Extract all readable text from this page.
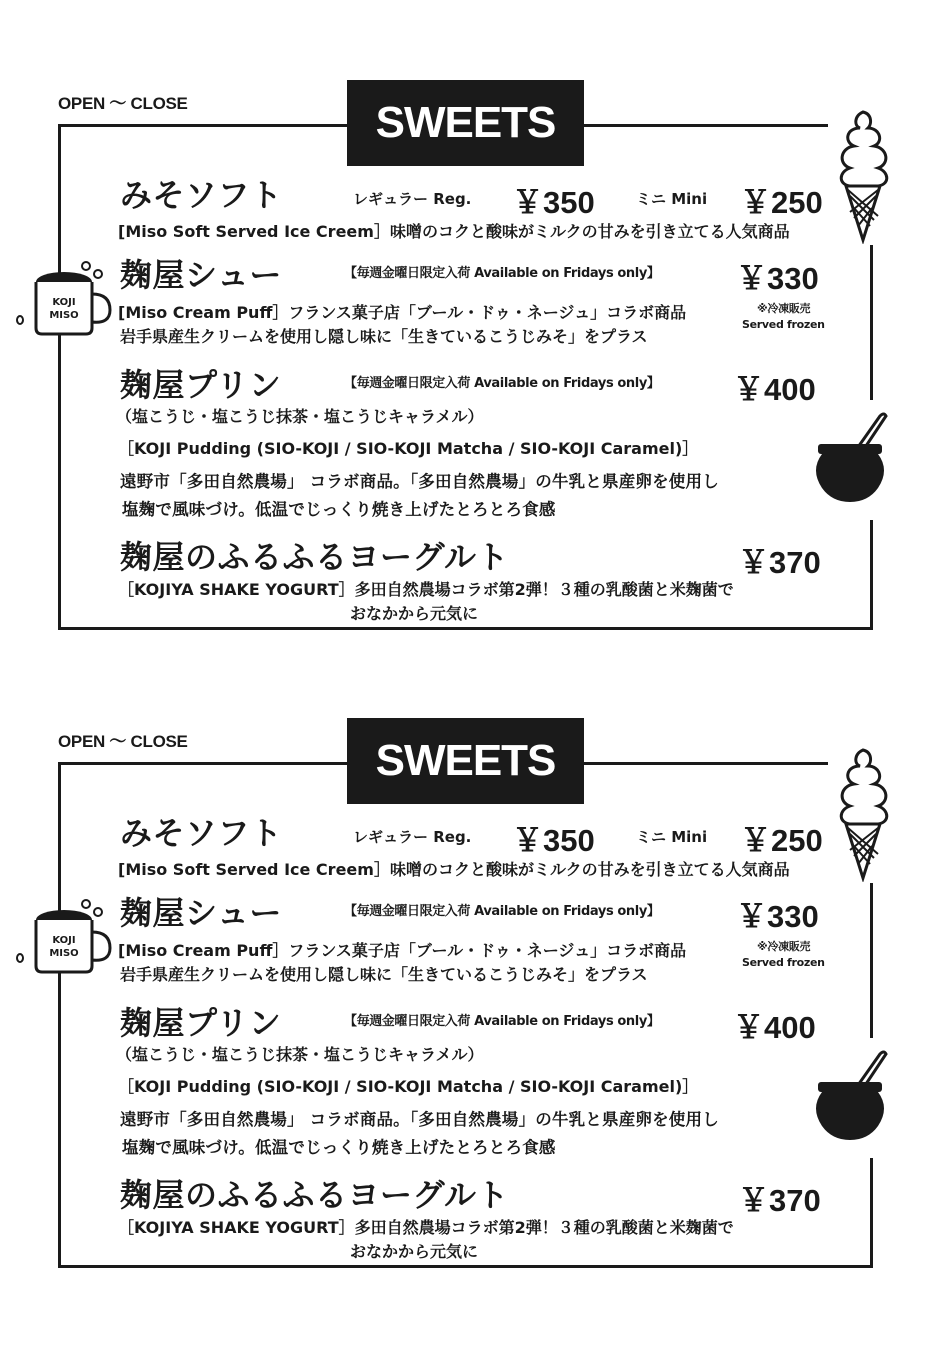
OPEN ～ CLOSE	SWEETS
KOJI
MISO
みそソフト	レギュラー Reg. ￥350	ミニ Mini ￥250
[Miso Soft Served Ice Creem］味噌のコクと酸味がミルクの甘みを引き立てる人気商品
麹屋シュー	【毎週金曜日限定入荷 Available on Fridays only】 ￥330
[Miso Cream Puff］フランス菓子店「ブール・ドゥ・ネージュ」コラボ商品
岩手県産生クリームを使用し隠し味に「生きているこうじみそ」をプラス
※冷凍販売
Served frozen
麹屋プリン	【毎週金曜日限定入荷 Available on Fridays only】 ￥400
（塩こうじ・塩こうじ抹茶・塩こうじキャラメル）
［KOJI Pudding (SIO-KOJI / SIO-KOJI Matcha / SIO-KOJI Caramel)］
遠野市「多田自然農場」 コラボ商品。「多田自然農場」の牛乳と県産卵を使用し
塩麹で風味づけ。低温でじっくり焼き上げたとろとろ食感
麹屋のふるふるヨーグルト	￥370
［KOJIYA SHAKE YOGURT］多田自然農場コラボ第2弾！３種の乳酸菌と米麹菌で
おなかから元気に
OPEN ～ CLOSE	SWEETS
KOJI
MISO
みそソフト	レギュラー Reg. ￥350	ミニ Mini ￥250
[Miso Soft Served Ice Creem］味噌のコクと酸味がミルクの甘みを引き立てる人気商品
麹屋シュー	【毎週金曜日限定入荷 Available on Fridays only】 ￥330
[Miso Cream Puff］フランス菓子店「ブール・ドゥ・ネージュ」コラボ商品
岩手県産生クリームを使用し隠し味に「生きているこうじみそ」をプラス
※冷凍販売
Served frozen
麹屋プリン	【毎週金曜日限定入荷 Available on Fridays only】 ￥400
（塩こうじ・塩こうじ抹茶・塩こうじキャラメル）
［KOJI Pudding (SIO-KOJI / SIO-KOJI Matcha / SIO-KOJI Caramel)］
遠野市「多田自然農場」 コラボ商品。「多田自然農場」の牛乳と県産卵を使用し
塩麹で風味づけ。低温でじっくり焼き上げたとろとろ食感
麹屋のふるふるヨーグルト	￥370
［KOJIYA SHAKE YOGURT］多田自然農場コラボ第2弾！３種の乳酸菌と米麹菌で
おなかから元気に
